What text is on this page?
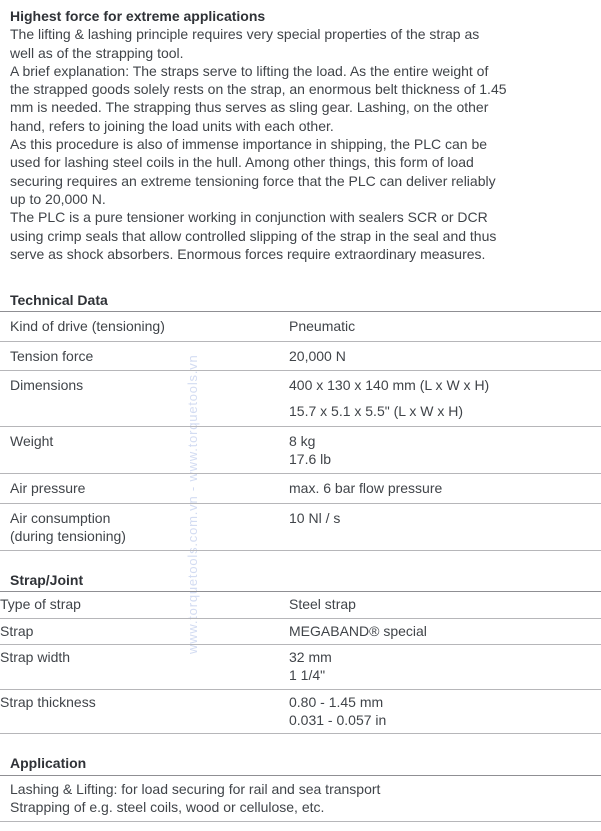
www.torquetools.com.vn - www.torquetools.vn
Highest force for extreme applications

The lifting & lashing principle requires very special properties of the strap as
well as of the strapping tool.

A brief explanation: The straps serve to lifting the load. As the entire weight of
the strapped goods solely rests on the strap, an enormous belt thickness of 1.45
mm is needed. The strapping thus serves as sling gear. Lashing, on the other
hand, refers to joining the load units with each other.

As this procedure is also of immense importance in shipping, the PLC can be
used for lashing steel coils in the hull. Among other things, this form of load
securing requires an extreme tensioning force that the PLC can deliver reliably
up to 20,000 N.

The PLC is a pure tensioner working in conjunction with sealers SCR or DCR
using crimp seals that allow controlled slipping of the strap in the seal and thus
serve as shock absorbers. Enormous forces require extraordinary measures.

Technical Data
Kind of drive (tensioning)	Pneumatic

Tension force	20,000 N

Dimensions	400 x 130 x 140 mm (L x W x H)
15.7 x 5.1 x 5.5" (L x W x H)

Weight	8 kg
17.6 lb

Air pressure	max. 6 bar flow pressure

Air consumption
(during tensioning)	10 Nl / s
Strap/Joint
Type of strap	Steel strap

Strap	MEGABAND® special

Strap width	32 mm
1 1/4"

Strap thickness	0.80 - 1.45 mm
0.031 - 0.057 in
Application
Lashing & Lifting: for load securing for rail and sea transport
Strapping of e.g. steel coils, wood or cellulose, etc.
